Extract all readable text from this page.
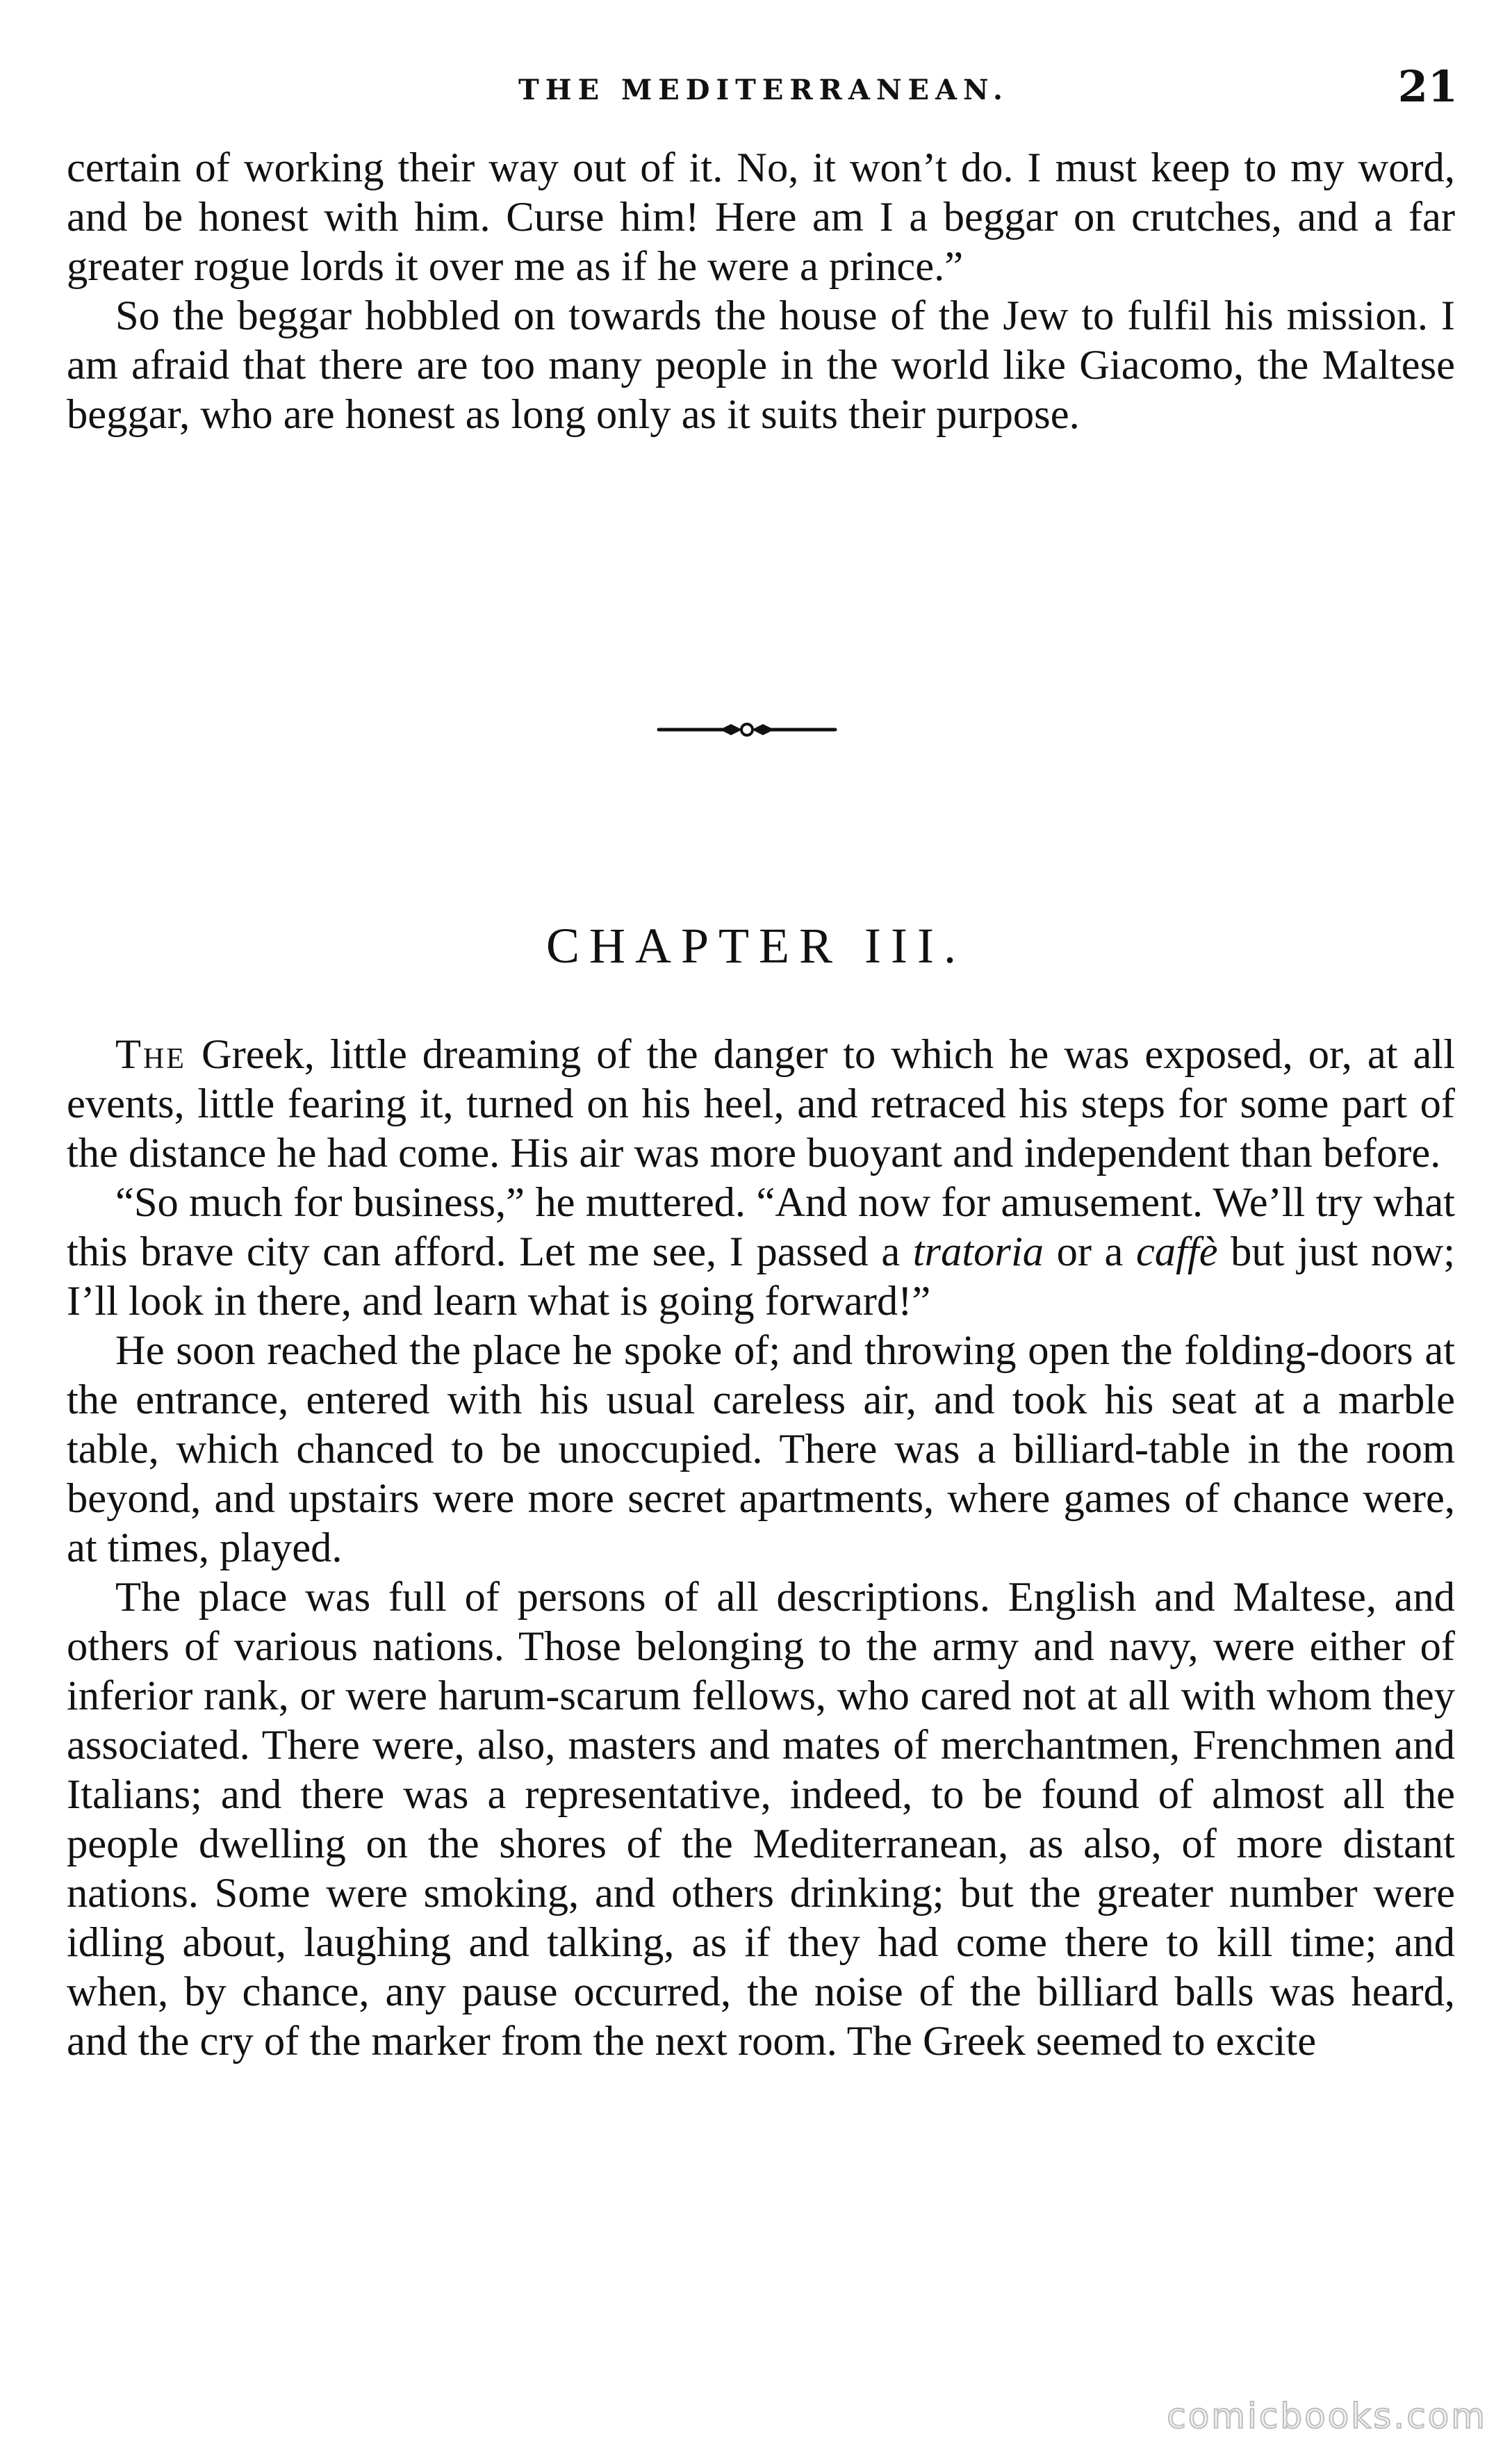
THE MEDITERRANEAN.	21

certain of working their way out of it. No, it won’t do. I must keep to my word, and be honest with him. Curse him! Here am I a beggar on crutches, and a far greater rogue lords it over me as if he were a prince.”

So the beggar hobbled on towards the house of the Jew to fulfil his mission. I am afraid that there are too many people in the world like Giacomo, the Maltese beggar, who are honest as long only as it suits their purpose.

CHAPTER III.

The Greek, little dreaming of the danger to which he was exposed, or, at all events, little fearing it, turned on his heel, and retraced his steps for some part of the distance he had come. His air was more buoyant and independent than before.

“So much for business,” he muttered. “And now for amusement. We’ll try what this brave city can afford. Let me see, I passed a tratoria or a caffè but just now; I’ll look in there, and learn what is going forward!”

He soon reached the place he spoke of; and throwing open the folding-doors at the entrance, entered with his usual careless air, and took his seat at a marble table, which chanced to be unoccupied. There was a billiard-table in the room beyond, and upstairs were more secret apartments, where games of chance were, at times, played.

The place was full of persons of all descriptions. English and Maltese, and others of various nations. Those belonging to the army and navy, were either of inferior rank, or were harum-scarum fellows, who cared not at all with whom they associated. There were, also, masters and mates of merchantmen, Frenchmen and Italians; and there was a representative, indeed, to be found of almost all the people dwelling on the shores of the Mediterranean, as also, of more distant nations. Some were smoking, and others drinking; but the greater number were idling about, laughing and talking, as if they had come there to kill time; and when, by chance, any pause occurred, the noise of the billiard balls was heard, and the cry of the marker from the next room. The Greek seemed to excite

comicbooks.com
